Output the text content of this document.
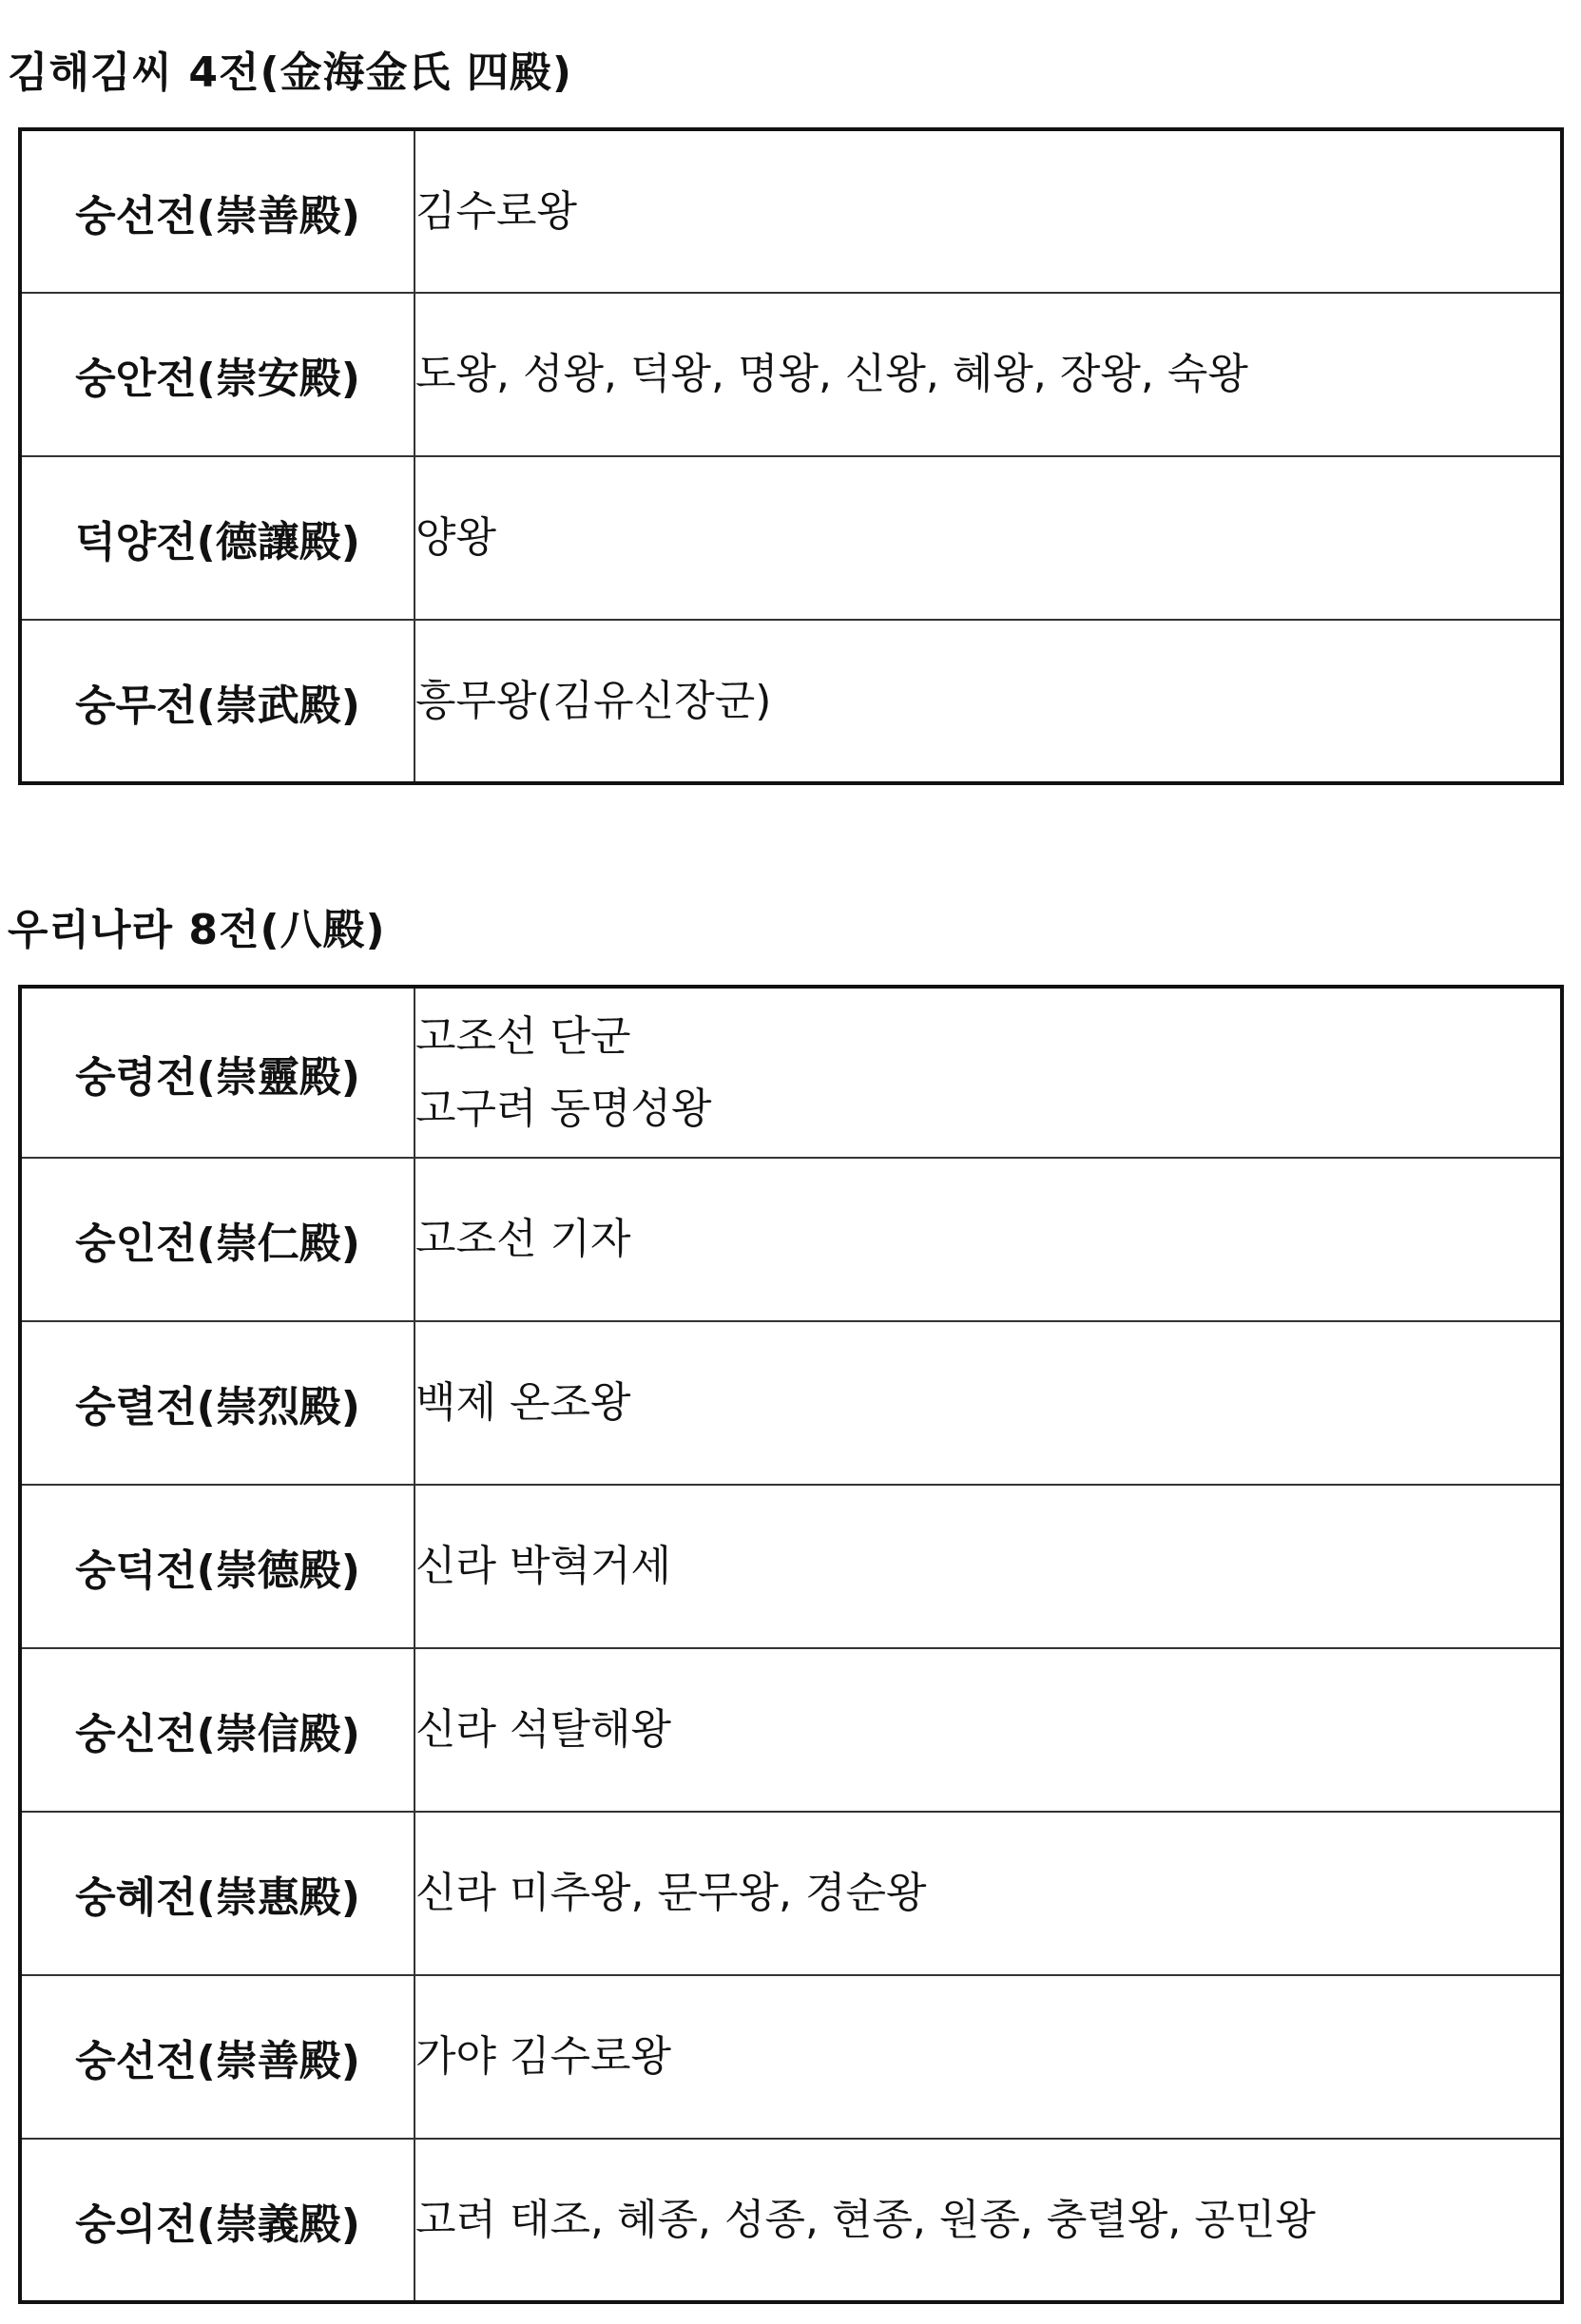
김해김씨 4전(金海金氏 四殿)
숭선전(崇善殿)	김수로왕

숭안전(崇安殿)	도왕, 성왕, 덕왕, 명왕, 신왕, 혜왕, 장왕, 숙왕

덕양전(德讓殿)	양왕

숭무전(崇武殿)	흥무왕(김유신장군)
우리나라 8전(八殿)
숭령전(崇靈殿)	고조선 단군
고구려 동명성왕

숭인전(崇仁殿)	고조선 기자

숭렬전(崇烈殿)	백제 온조왕

숭덕전(崇德殿)	신라 박혁거세

숭신전(崇信殿)	신라 석탈해왕

숭혜전(崇惠殿)	신라 미추왕, 문무왕, 경순왕

숭선전(崇善殿)	가야 김수로왕

숭의전(崇義殿)	고려 태조, 혜종, 성종, 현종, 원종, 충렬왕, 공민왕
